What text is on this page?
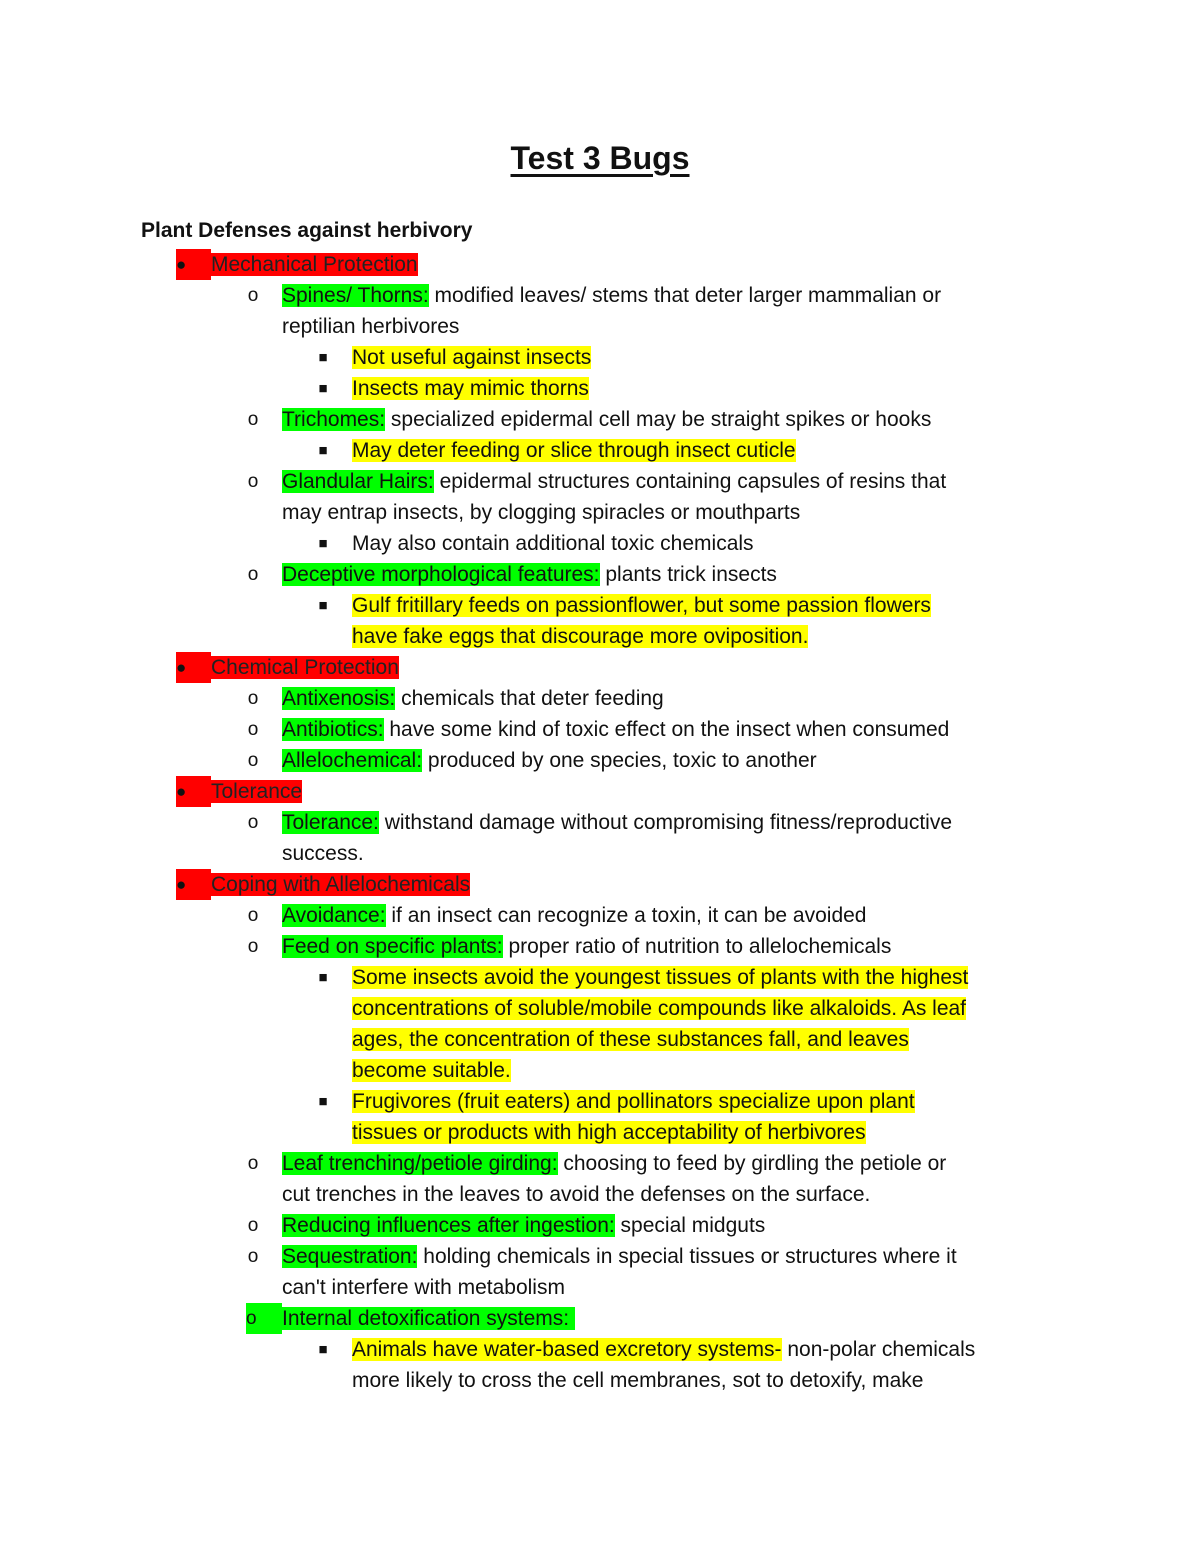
Test 3 Bugs
Plant Defenses against herbivory
●	Mechanical Protection
o Spines/ Thorns: modified leaves/ stems that deter larger mammalian or
reptilian herbivores
■ Not useful against insects
■ Insects may mimic thorns
o Trichomes: specialized epidermal cell may be straight spikes or hooks
■ May deter feeding or slice through insect cuticle
o Glandular Hairs: epidermal structures containing capsules of resins that
may entrap insects, by clogging spiracles or mouthparts
■ May also contain additional toxic chemicals
o Deceptive morphological features: plants trick insects
■ Gulf fritillary feeds on passionflower, but some passion flowers
have fake eggs that discourage more oviposition.
●	Chemical Protection
o Antixenosis: chemicals that deter feeding
o Antibiotics: have some kind of toxic effect on the insect when consumed
o Allelochemical: produced by one species, toxic to another
●	Tolerance
o Tolerance: withstand damage without compromising fitness/reproductive
success.
●	Coping with Allelochemicals
o Avoidance: if an insect can recognize a toxin, it can be avoided
o Feed on specific plants: proper ratio of nutrition to allelochemicals
■ Some insects avoid the youngest tissues of plants with the highest
concentrations of soluble/mobile compounds like alkaloids. As leaf
ages, the concentration of these substances fall, and leaves
become suitable.
■ Frugivores (fruit eaters) and pollinators specialize upon plant
tissues or products with high acceptability of herbivores
o Leaf trenching/petiole girding: choosing to feed by girdling the petiole or
cut trenches in the leaves to avoid the defenses on the surface.
o Reducing influences after ingestion: special midguts
o Sequestration: holding chemicals in special tissues or structures where it
can't interfere with metabolism
o	Internal detoxification systems:
■ Animals have water-based excretory systems- non-polar chemicals
more likely to cross the cell membranes, sot to detoxify, make
